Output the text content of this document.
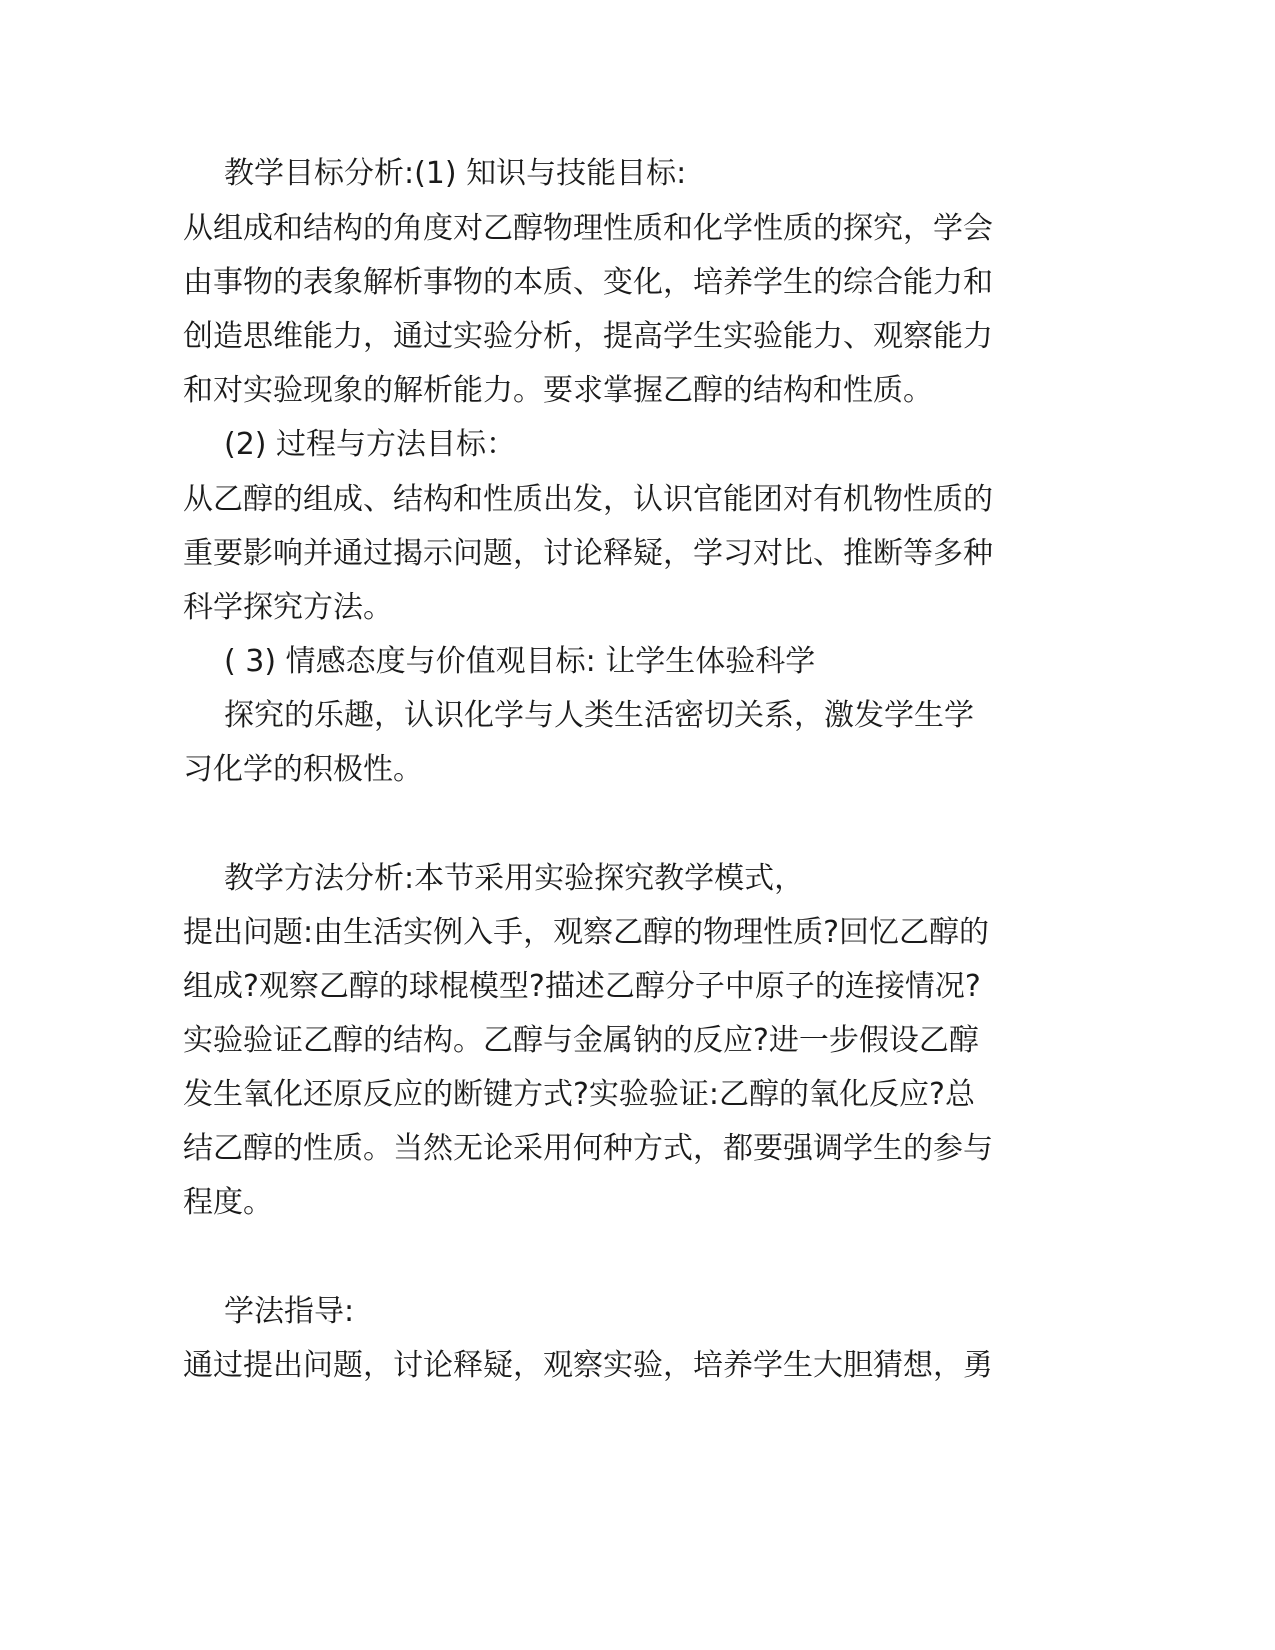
教学目标分析:(1) 知识与技能目标:
从组成和结构的角度对乙醇物理性质和化学性质的探究，学会
由事物的表象解析事物的本质、变化，培养学生的综合能力和
创造思维能力，通过实验分析，提高学生实验能力、观察能力
和对实验现象的解析能力。要求掌握乙醇的结构和性质。
(2) 过程与方法目标：
从乙醇的组成、结构和性质出发，认识官能团对有机物性质的
重要影响并通过揭示问题，讨论释疑，学习对比、推断等多种
科学探究方法。
( 3) 情感态度与价值观目标: 让学生体验科学
探究的乐趣，认识化学与人类生活密切关系，激发学生学
习化学的积极性。
教学方法分析:本节采用实验探究教学模式，
提出问题:由生活实例入手，观察乙醇的物理性质?回忆乙醇的
组成?观察乙醇的球棍模型?描述乙醇分子中原子的连接情况?
实验验证乙醇的结构。乙醇与金属钠的反应?进一步假设乙醇
发生氧化还原反应的断键方式?实验验证:乙醇的氧化反应?总
结乙醇的性质。当然无论采用何种方式，都要强调学生的参与
程度。
学法指导:
通过提出问题，讨论释疑，观察实验，培养学生大胆猜想，勇
